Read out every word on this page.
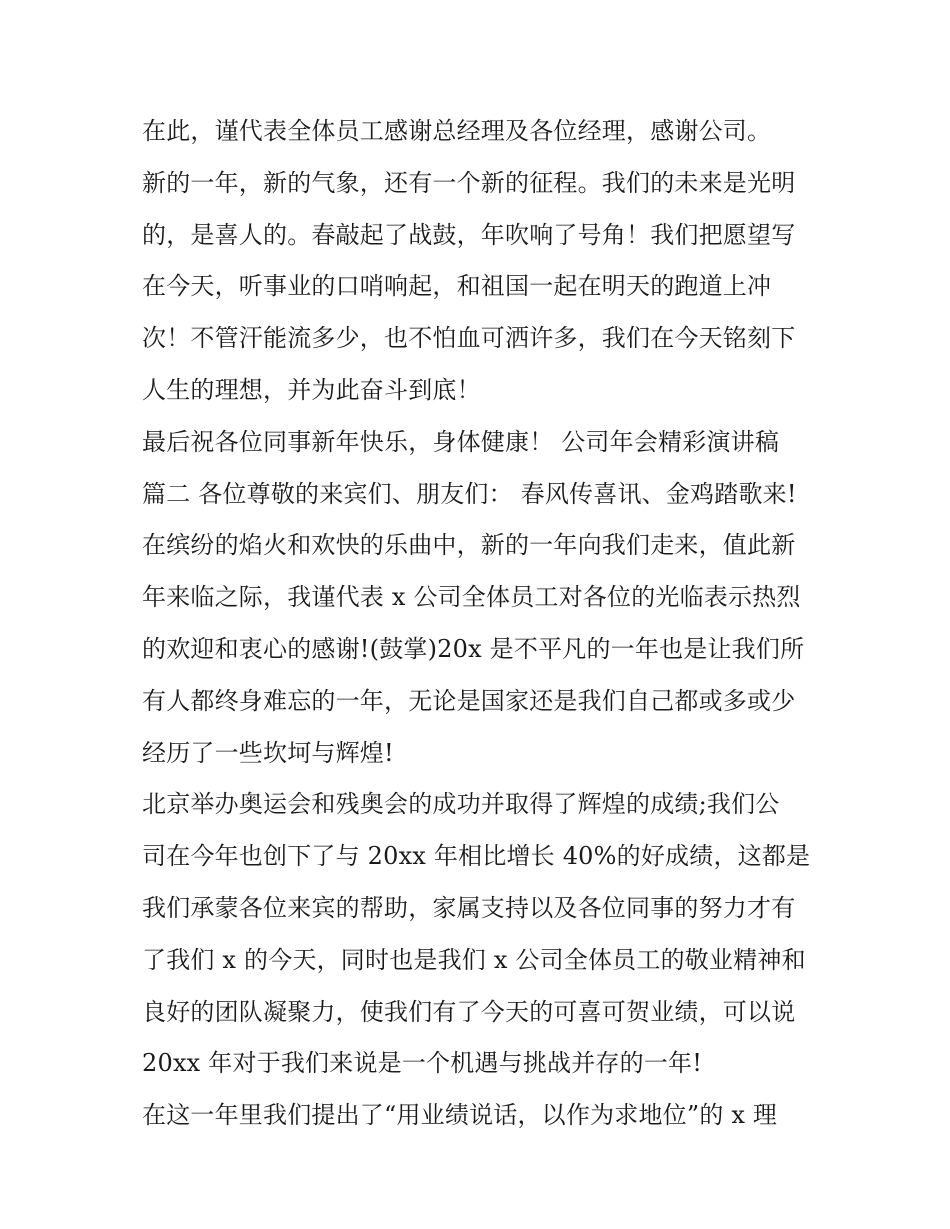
在此，谨代表全体员工感谢总经理及各位经理，感谢公司。
新的一年，新的气象，还有一个新的征程。我们的未来是光明
的，是喜人的。春敲起了战鼓，年吹响了号角！我们把愿望写
在今天，听事业的口哨响起，和祖国一起在明天的跑道上冲
次！不管汗能流多少，也不怕血可洒许多，我们在今天铭刻下
人生的理想，并为此奋斗到底！
最后祝各位同事新年快乐，身体健康！ 公司年会精彩演讲稿
篇二 各位尊敬的来宾们、朋友们： 春风传喜讯、金鸡踏歌来!
在缤纷的焰火和欢快的乐曲中，新的一年向我们走来，值此新
年来临之际，我谨代表 x 公司全体员工对各位的光临表示热烈
的欢迎和衷心的感谢!(鼓掌)20x 是不平凡的一年也是让我们所
有人都终身难忘的一年，无论是国家还是我们自己都或多或少
经历了一些坎坷与辉煌!
北京举办奥运会和残奥会的成功并取得了辉煌的成绩;我们公
司在今年也创下了与 20xx 年相比增长 40%的好成绩，这都是
我们承蒙各位来宾的帮助，家属支持以及各位同事的努力才有
了我们 x 的今天，同时也是我们 x 公司全体员工的敬业精神和
良好的团队凝聚力，使我们有了今天的可喜可贺业绩，可以说
20xx 年对于我们来说是一个机遇与挑战并存的一年!
在这一年里我们提出了“用业绩说话，以作为求地位”的 x 理
